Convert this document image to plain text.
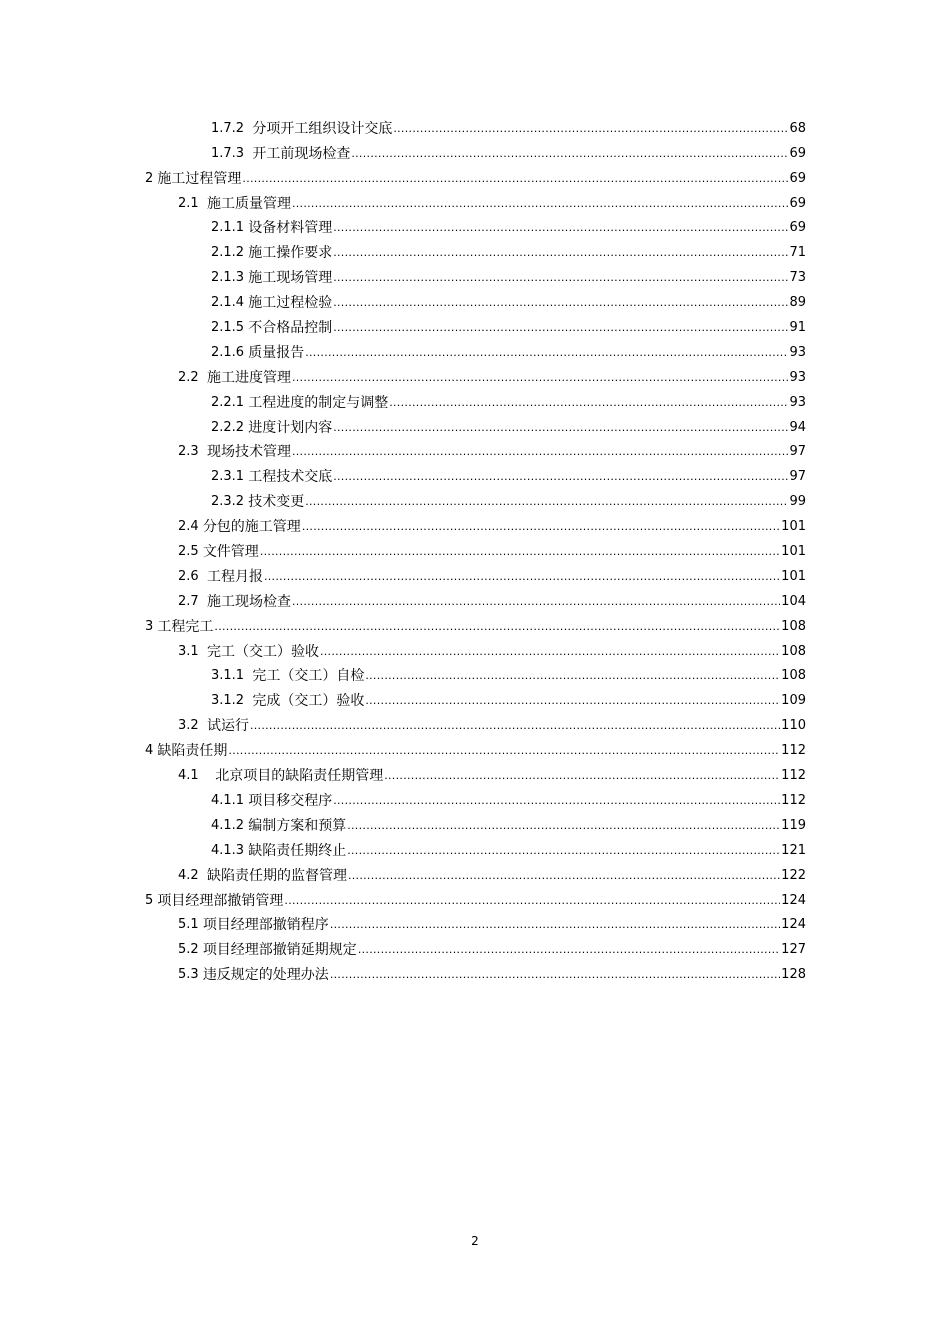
1.7.2 分项开工组织设计交底 .....	68
1.7.3 开工前现场检查 .....	69
2 施工过程管理 .....	69
2.1 施工质量管理 .....	69
2.1.1 设备材料管理 .....	69
2.1.2 施工操作要求 .....	71
2.1.3 施工现场管理 .....	73
2.1.4 施工过程检验 .....	89
2.1.5 不合格品控制 .....	91
2.1.6 质量报告 .....	93
2.2 施工进度管理 .....	93
2.2.1 工程进度的制定与调整 .....	93
2.2.2 进度计划内容 .....	94
2.3 现场技术管理 .....	97
2.3.1 工程技术交底 .....	97
2.3.2 技术变更 .....	99
2.4 分包的施工管理 .....	101
2.5 文件管理 .....	101
2.6 工程月报 .....	101
2.7 施工现场检查 .....	104
3 工程完工 .....	108
3.1 完工（交工）验收 .....	108
3.1.1 完工（交工）自检 .....	108
3.1.2 完成（交工）验收 .....	109
3.2 试运行 .....	110
4 缺陷责任期 .....	112
4.1 北京项目的缺陷责任期管理 .....	112
4.1.1 项目移交程序 .....	112
4.1.2 编制方案和预算 .....	119
4.1.3 缺陷责任期终止 .....	121
4.2 缺陷责任期的监督管理 .....	122
5 项目经理部撤销管理 .....	124
5.1 项目经理部撤销程序 .....	124
5.2 项目经理部撤销延期规定 .....	127
5.3 违反规定的处理办法 .....	128
2
